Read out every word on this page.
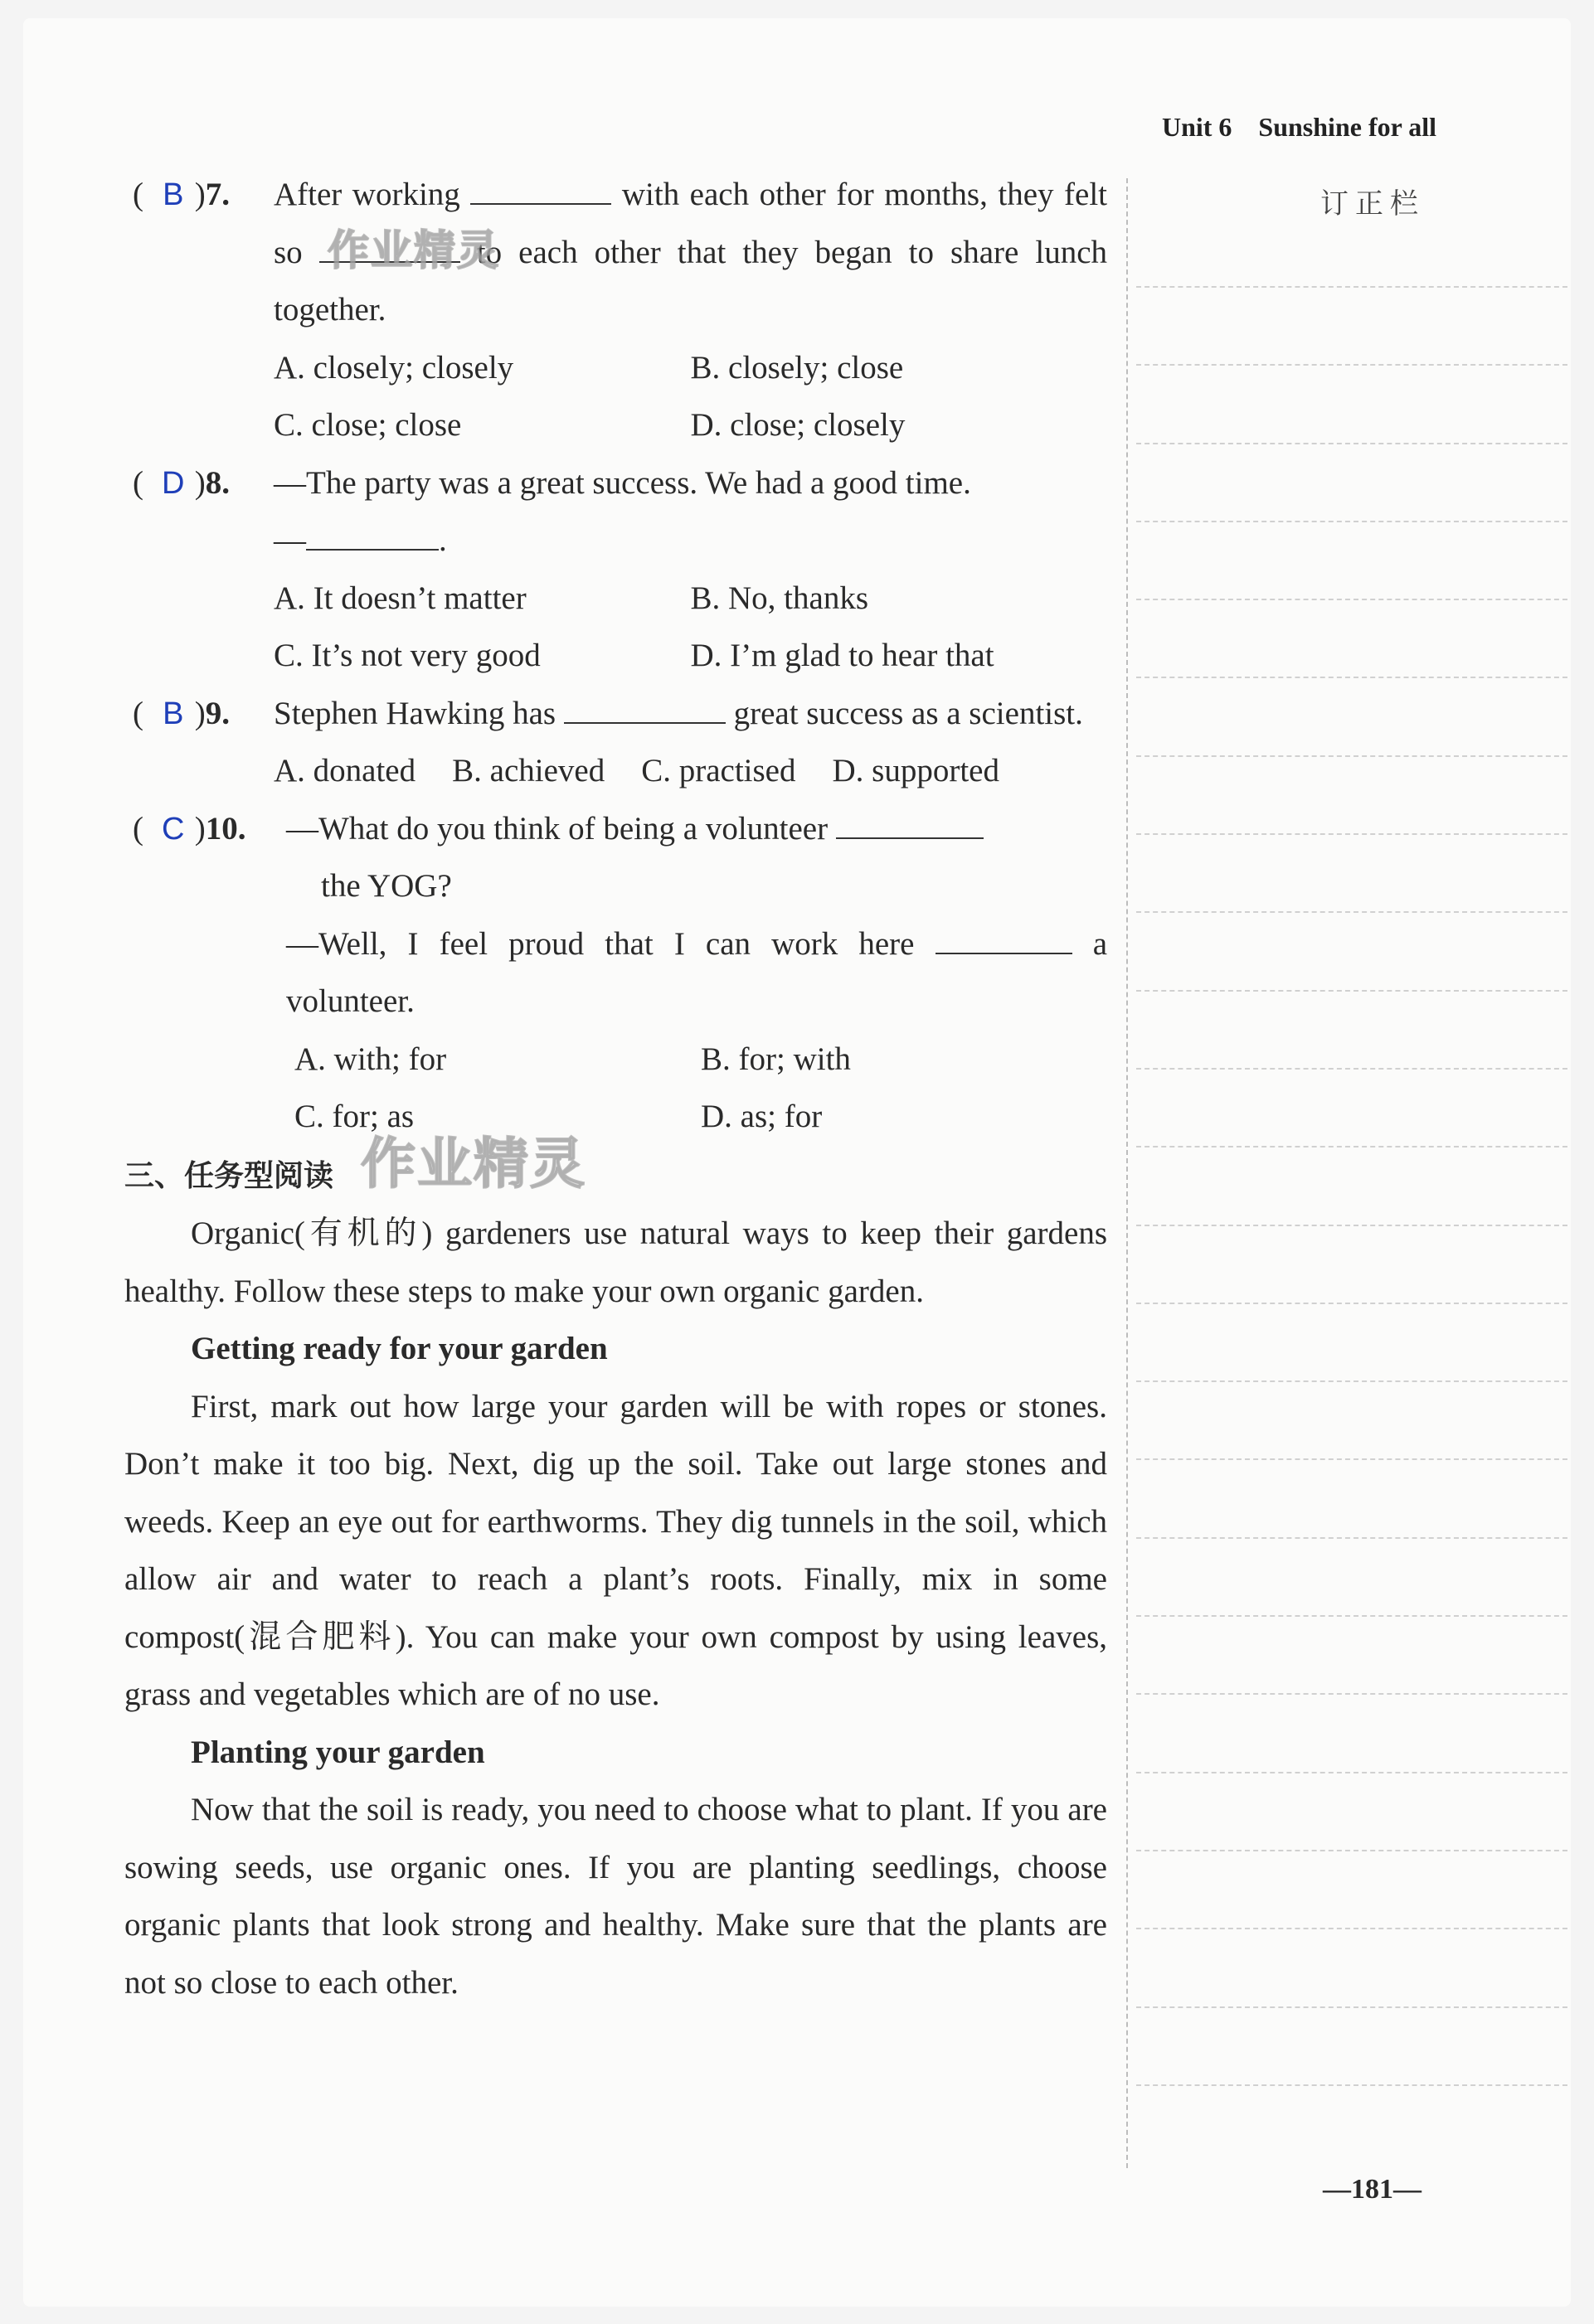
Unit 6 Sunshine for all
订正栏
( B )7. After working	with each other for months, they felt so	to each other that they began to share lunch together.
A. closely; closely	B. closely; close
C. close; close	D. close; closely
( D )8. —The party was a great success. We had a good time.
—	.
A. It doesn’t matter	B. No, thanks
C. It’s not very good	D. I’m glad to hear that
( B )9. Stephen Hawking has	great success as a scientist.
A. donated B. achieved C. practised D. supported
( C )10. —What do you think of being a volunteer
the YOG?
—Well, I feel proud that I can work here	a volunteer.
A. with; for	B. for; with
C. for; as	D. as; for
三、任务型阅读
Organic(有机的) gardeners use natural ways to keep their gardens healthy. Follow these steps to make your own organic garden.
Getting ready for your garden
First, mark out how large your garden will be with ropes or stones. Don’t make it too big. Next, dig up the soil. Take out large stones and weeds. Keep an eye out for earthworms. They dig tunnels in the soil, which allow air and water to reach a plant’s roots. Finally, mix in some compost(混合肥料). You can make your own compost by using leaves, grass and vegetables which are of no use.
Planting your garden
Now that the soil is ready, you need to choose what to plant. If you are sowing seeds, use organic ones. If you are planting seedlings, choose organic plants that look strong and healthy. Make sure that the plants are not so close to each other.
—181—
作业精灵
作业精灵
